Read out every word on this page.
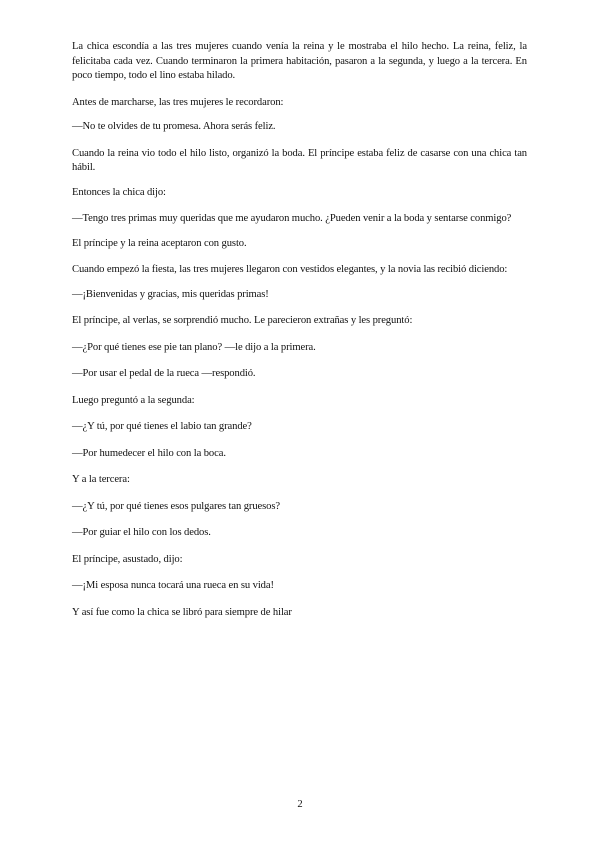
La chica escondía a las tres mujeres cuando venía la reina y le mostraba el hilo hecho. La reina, feliz, la felicitaba cada vez. Cuando terminaron la primera habitación, pasaron a la segunda, y luego a la tercera. En poco tiempo, todo el lino estaba hilado.

Antes de marcharse, las tres mujeres le recordaron:

—No te olvides de tu promesa. Ahora serás feliz.

Cuando la reina vio todo el hilo listo, organizó la boda. El príncipe estaba feliz de casarse con una chica tan hábil.

Entonces la chica dijo:

—Tengo tres primas muy queridas que me ayudaron mucho. ¿Pueden venir a la boda y sentarse conmigo?

El príncipe y la reina aceptaron con gusto.

Cuando empezó la fiesta, las tres mujeres llegaron con vestidos elegantes, y la novia las recibió diciendo:

—¡Bienvenidas y gracias, mis queridas primas!

El príncipe, al verlas, se sorprendió mucho. Le parecieron extrañas y les preguntó:

—¿Por qué tienes ese pie tan plano? —le dijo a la primera.

—Por usar el pedal de la rueca —respondió.

Luego preguntó a la segunda:

—¿Y tú, por qué tienes el labio tan grande?

—Por humedecer el hilo con la boca.

Y a la tercera:

—¿Y tú, por qué tienes esos pulgares tan gruesos?

—Por guiar el hilo con los dedos.

El príncipe, asustado, dijo:

—¡Mi esposa nunca tocará una rueca en su vida!

Y así fue como la chica se libró para siempre de hilar

2
